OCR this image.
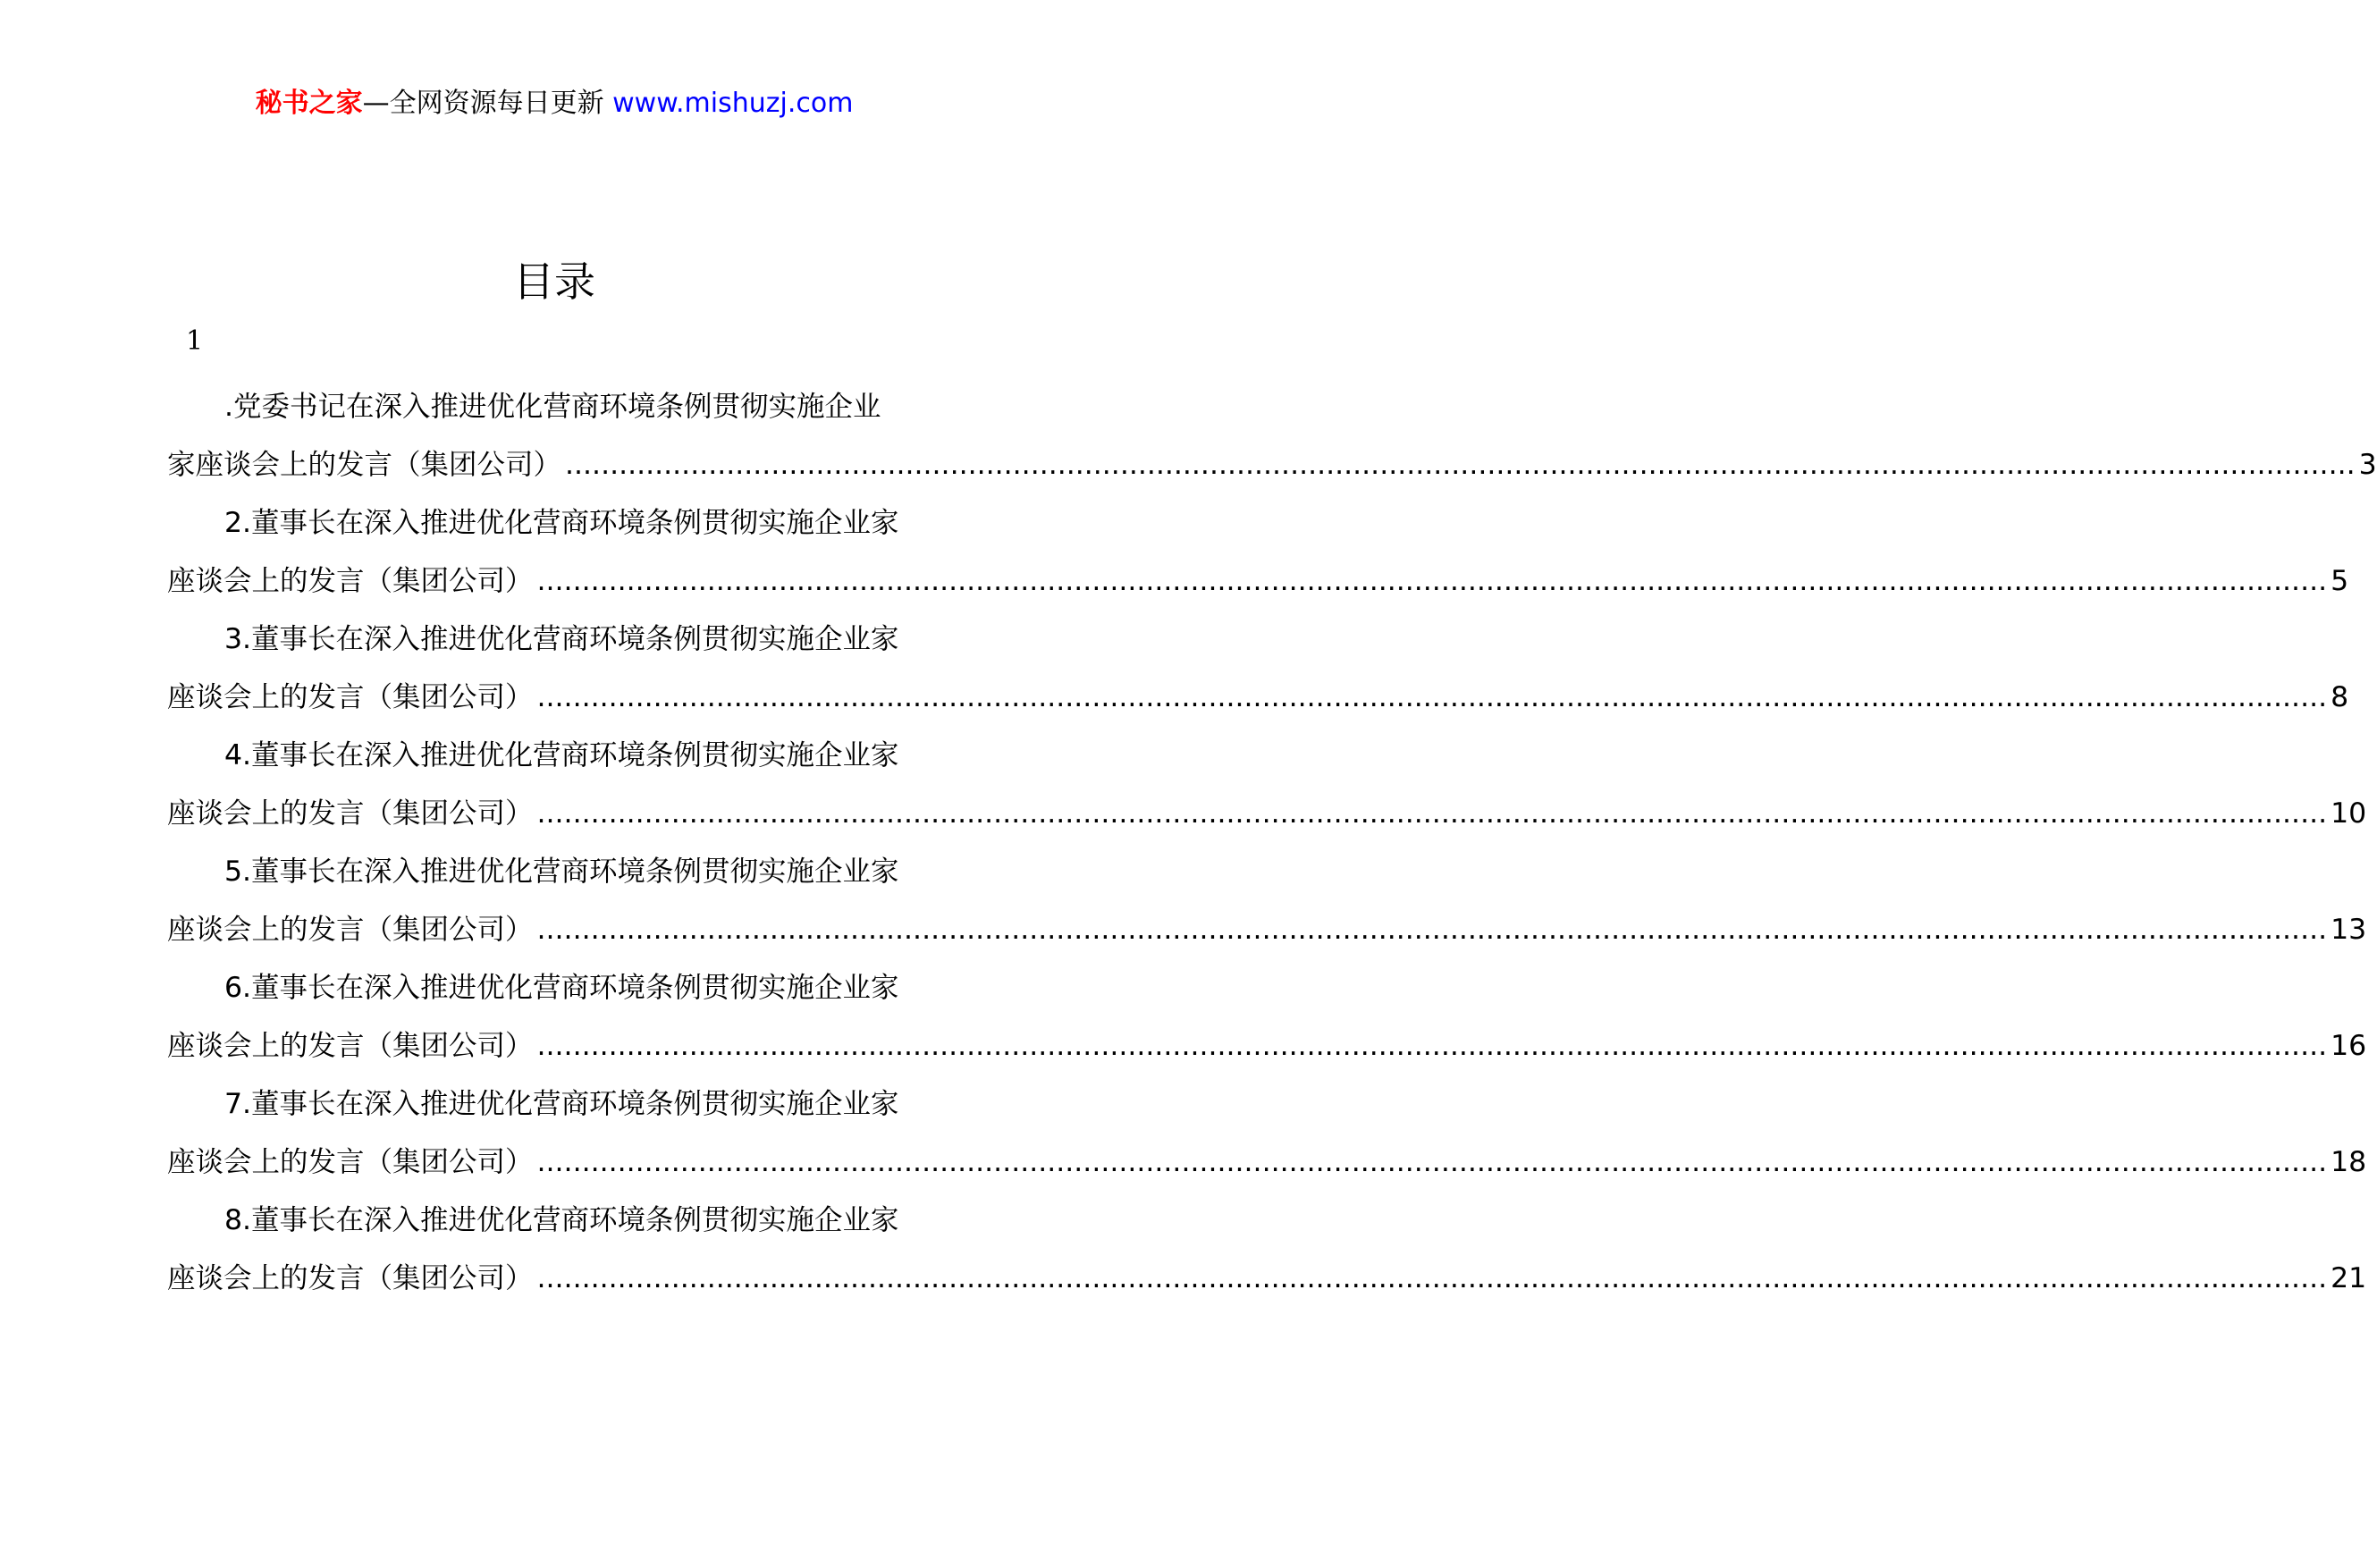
秘书之家—全网资源每日更新 www.mishuzj.com
目录
1
.党委书记在深入推进优化营商环境条例贯彻实施企业
家座谈会上的发言（集团公司） ........................................................................................................................................................................................................ 3
2.董事长在深入推进优化营商环境条例贯彻实施企业家
座谈会上的发言（集团公司） ........................................................................................................................................................................................................ 5
3.董事长在深入推进优化营商环境条例贯彻实施企业家
座谈会上的发言（集团公司） ........................................................................................................................................................................................................ 8
4.董事长在深入推进优化营商环境条例贯彻实施企业家
座谈会上的发言（集团公司） ........................................................................................................................................................................................................ 10
5.董事长在深入推进优化营商环境条例贯彻实施企业家
座谈会上的发言（集团公司） ........................................................................................................................................................................................................ 13
6.董事长在深入推进优化营商环境条例贯彻实施企业家
座谈会上的发言（集团公司） ........................................................................................................................................................................................................ 16
7.董事长在深入推进优化营商环境条例贯彻实施企业家
座谈会上的发言（集团公司） ........................................................................................................................................................................................................ 18
8.董事长在深入推进优化营商环境条例贯彻实施企业家
座谈会上的发言（集团公司） ........................................................................................................................................................................................................ 21
